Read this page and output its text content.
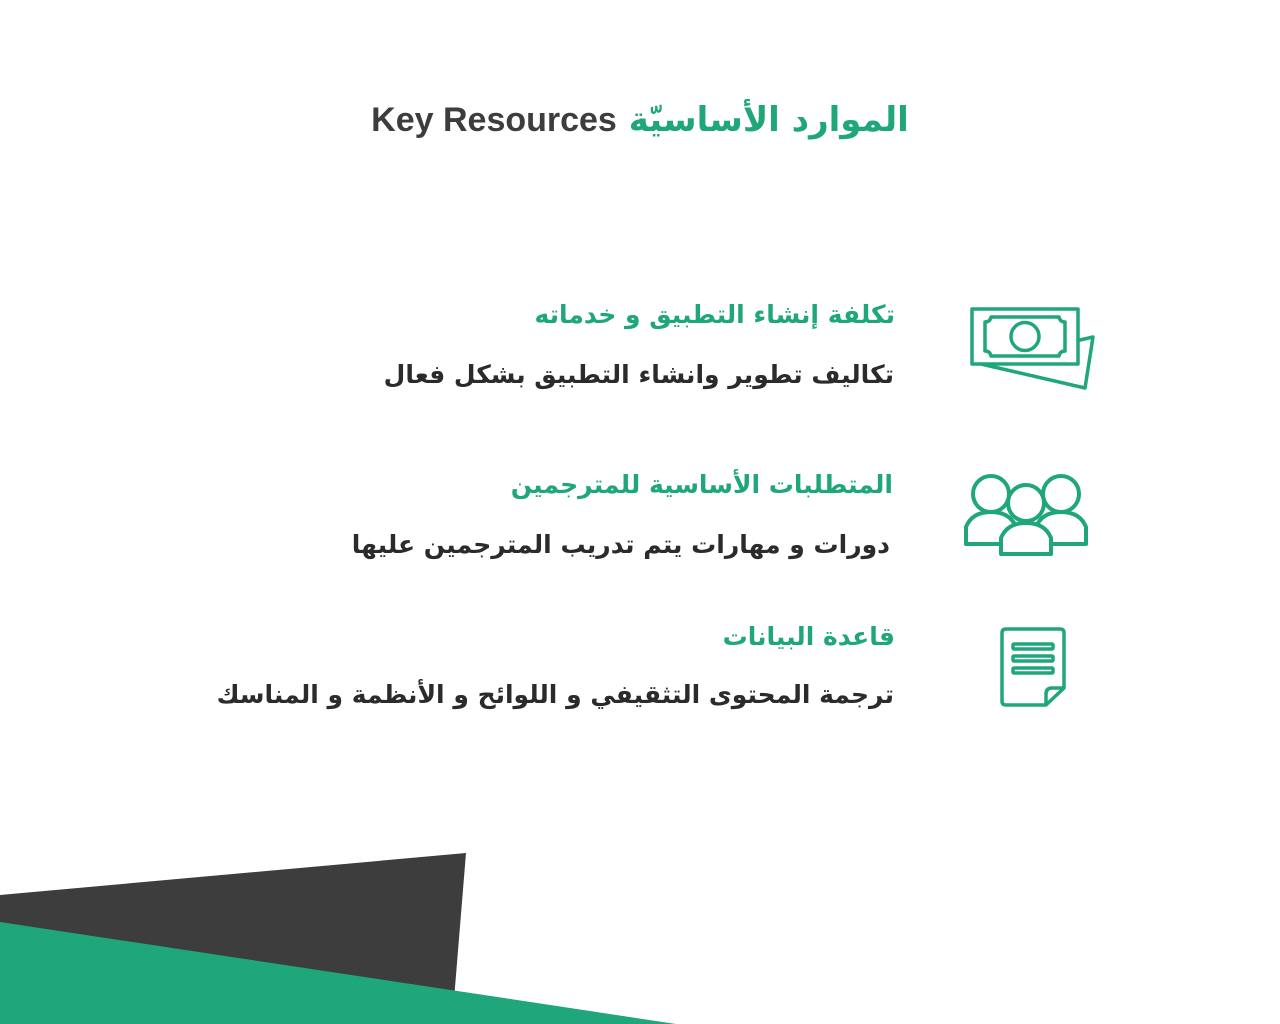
Key Resources الموارد الأساسيّة
تكلفة إنشاء التطبيق و خدماته
تكاليف تطوير وانشاء التطبيق بشكل فعال
المتطلبات الأساسية للمترجمين
دورات و مهارات يتم تدريب المترجمين عليها
قاعدة البيانات
ترجمة المحتوى التثقيفي و اللوائح و الأنظمة و المناسك
